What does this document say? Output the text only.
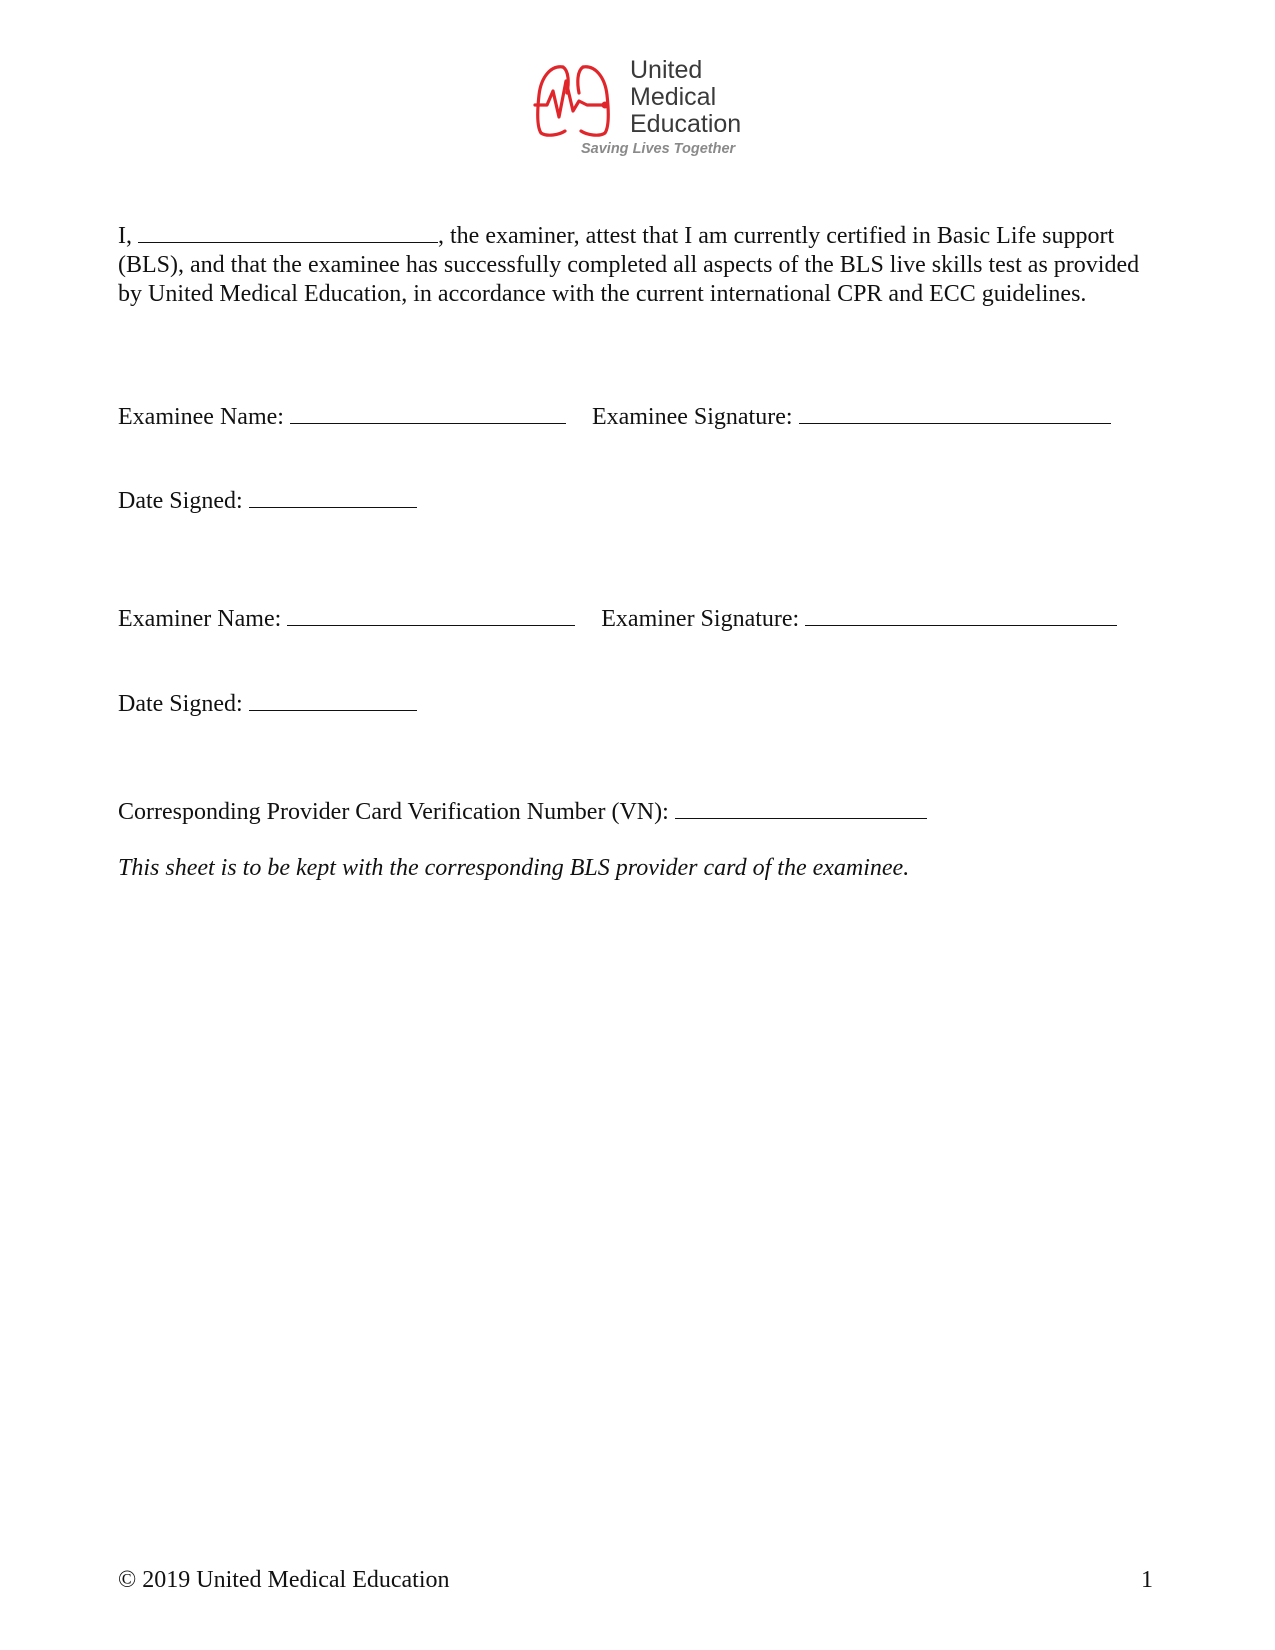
United
Medical
Education
Saving Lives Together

I,	, the examiner, attest that I am currently certified in Basic Life support (BLS), and that the examinee has successfully completed all aspects of the BLS live skills test as provided by United Medical Education, in accordance with the current international CPR and ECC guidelines.

Examinee Name:	Examinee Signature:
Date Signed:
Examiner Name:	Examiner Signature:
Date Signed:
Corresponding Provider Card Verification Number (VN):
This sheet is to be kept with the corresponding BLS provider card of the examinee.
© 2019 United Medical Education	1
